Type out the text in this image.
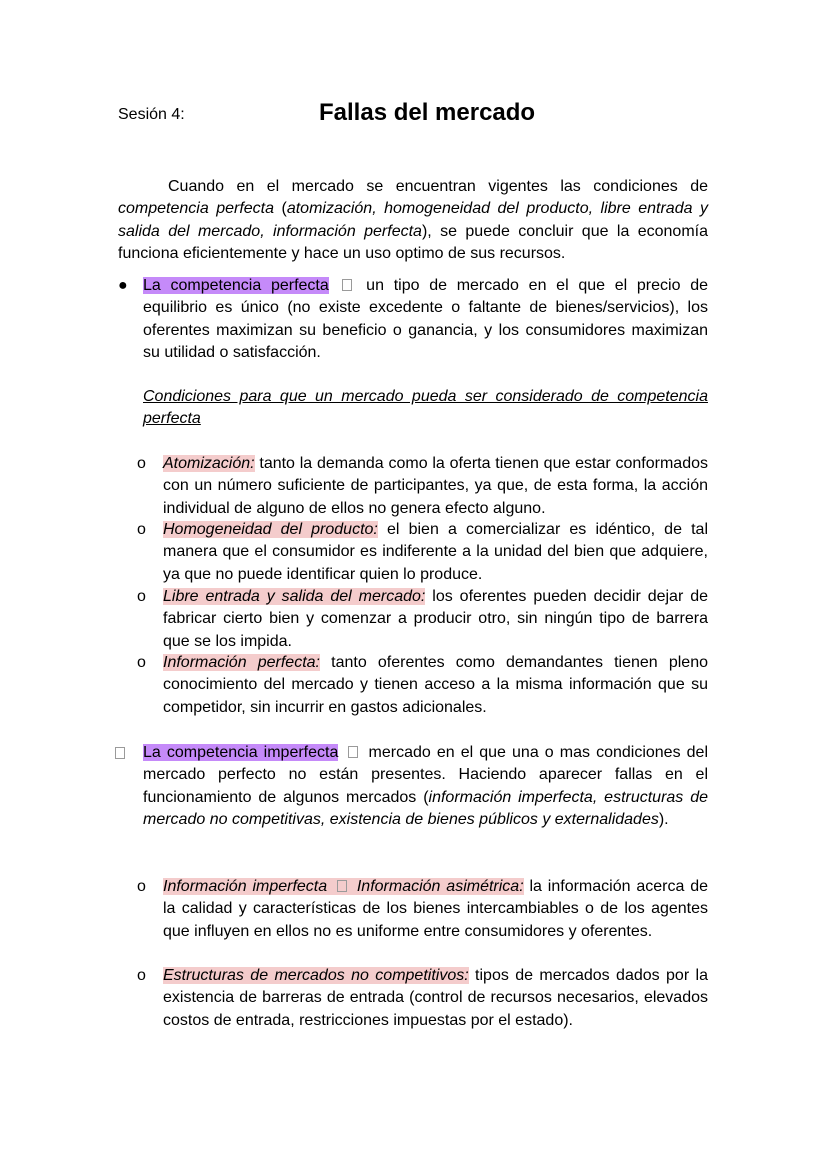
Sesión 4:	Fallas del mercado

Cuando en el mercado se encuentran vigentes las condiciones de competencia perfecta (atomización, homogeneidad del producto, libre entrada y salida del mercado, información perfecta), se puede concluir que la economía funciona eficientemente y hace un uso optimo de sus recursos.

● La competencia perfecta  un tipo de mercado en el que el precio de equilibrio es único (no existe excedente o faltante de bienes/servicios), los oferentes maximizan su beneficio o ganancia, y los consumidores maximizan su utilidad o satisfacción.

Condiciones para que un mercado pueda ser considerado de competencia perfecta

o Atomización: tanto la demanda como la oferta tienen que estar conformados con un número suficiente de participantes, ya que, de esta forma, la acción individual de alguno de ellos no genera efecto alguno.

o Homogeneidad del producto: el bien a comercializar es idéntico, de tal manera que el consumidor es indiferente a la unidad del bien que adquiere, ya que no puede identificar quien lo produce.

o Libre entrada y salida del mercado: los oferentes pueden decidir dejar de fabricar cierto bien y comenzar a producir otro, sin ningún tipo de barrera que se los impida.

o Información perfecta: tanto oferentes como demandantes tienen pleno conocimiento del mercado y tienen acceso a la misma información que su competidor, sin incurrir en gastos adicionales.

La competencia imperfecta  mercado en el que una o mas condiciones del mercado perfecto no están presentes. Haciendo aparecer fallas en el funcionamiento de algunos mercados (información imperfecta, estructuras de mercado no competitivas, existencia de bienes públicos y externalidades).

o Información imperfecta Información asimétrica: la información acerca de la calidad y características de los bienes intercambiables o de los agentes que influyen en ellos no es uniforme entre consumidores y oferentes.

o Estructuras de mercados no competitivos: tipos de mercados dados por la existencia de barreras de entrada (control de recursos necesarios, elevados costos de entrada, restricciones impuestas por el estado).
